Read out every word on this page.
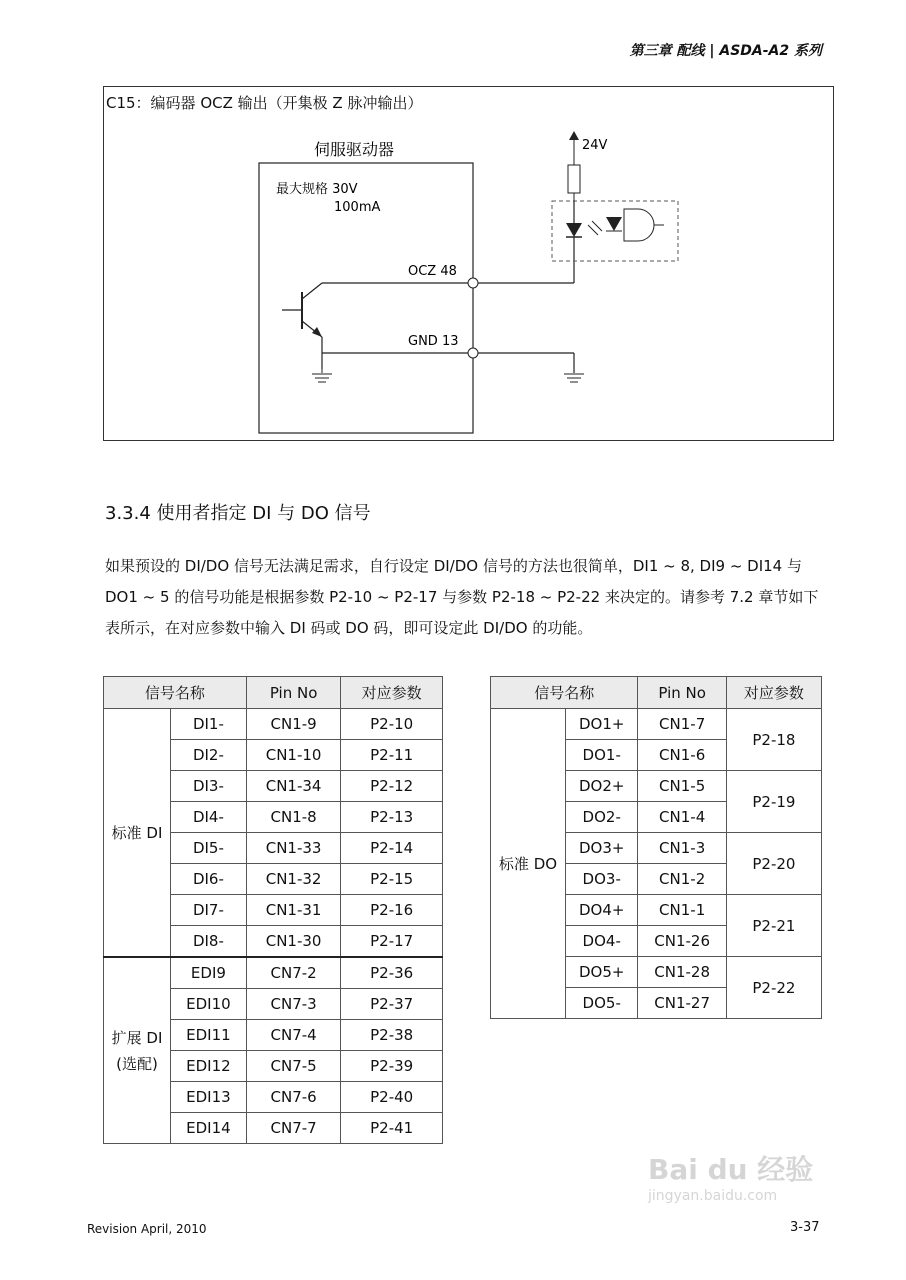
第三章 配线 | ASDA-A2 系列
伺服驱动器
最大规格 30V
100mA
OCZ 48
GND 13
24V
C15：编码器 OCZ 输出（开集极 Z 脉冲输出）
3.3.4 使用者指定 DI 与 DO 信号
如果预设的 DI/DO 信号无法满足需求，自行设定 DI/DO 信号的方法也很简单，DI1 ~ 8, DI9 ~ DI14 与 DO1 ~ 5 的信号功能是根据参数 P2-10 ~ P2-17 与参数 P2-18 ~ P2-22 来决定的。请参考 7.2 章节如下表所示，在对应参数中输入 DI 码或 DO 码，即可设定此 DI/DO 的功能。
信号名称		Pin No	对应参数
标准 DI	DI1-	CN1-9	P2-10
	DI2-	CN1-10	P2-11
	DI3-	CN1-34	P2-12
	DI4-	CN1-8	P2-13
	DI5-	CN1-33	P2-14
	DI6-	CN1-32	P2-15
	DI7-	CN1-31	P2-16
	DI8-	CN1-30	P2-17
扩展 DI
(选配)	EDI9	CN7-2	P2-36
	EDI10	CN7-3	P2-37
	EDI11	CN7-4	P2-38
	EDI12	CN7-5	P2-39
	EDI13	CN7-6	P2-40
	EDI14	CN7-7	P2-41
信号名称		Pin No	对应参数
标准 DO	DO1+	CN1-7	P2-18
	DO1-	CN1-6	
	DO2+	CN1-5	P2-19
	DO2-	CN1-4	
	DO3+	CN1-3	P2-20
	DO3-	CN1-2	
	DO4+	CN1-1	P2-21
	DO4-	CN1-26	
	DO5+	CN1-28	P2-22
	DO5-	CN1-27	
Revision April, 2010	3-37
Bai du 经验
jingyan.baidu.com
